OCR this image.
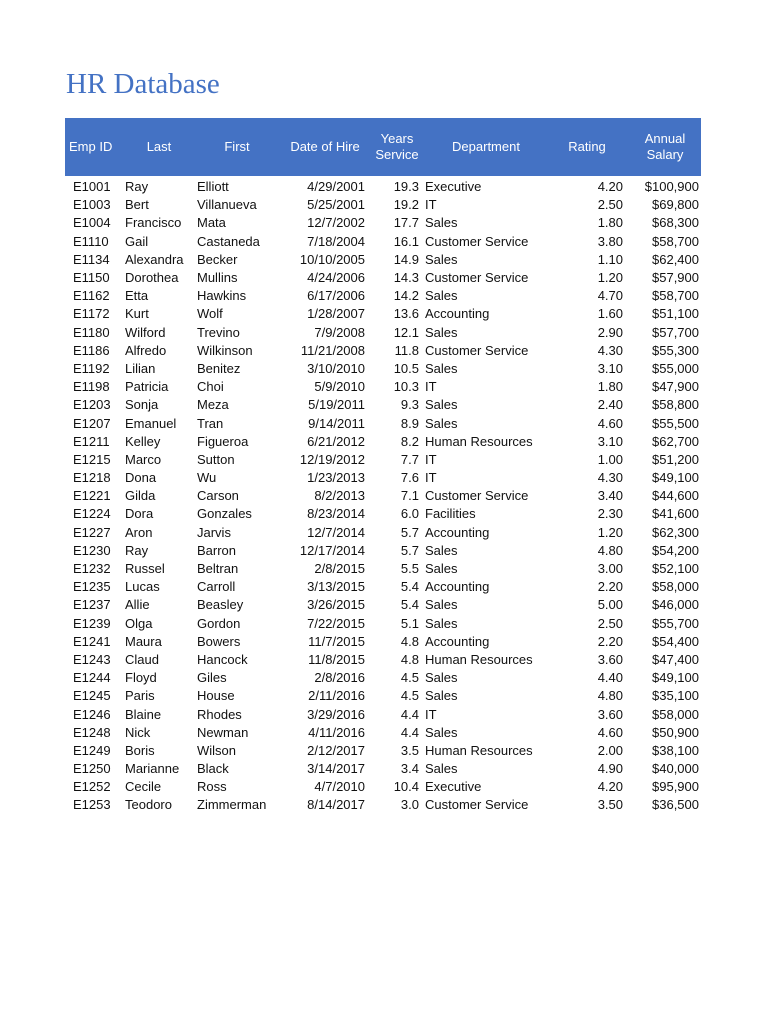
HR Database
Emp ID	Last	First	Date of Hire	Years Service	Department	Rating	Annual Salary
E1001	Ray	Elliott	4/29/2001	19.3	Executive	4.20	$100,900
E1003	Bert	Villanueva	5/25/2001	19.2	IT	2.50	$69,800
E1004	Francisco	Mata	12/7/2002	17.7	Sales	1.80	$68,300
E1110	Gail	Castaneda	7/18/2004	16.1	Customer Service	3.80	$58,700
E1134	Alexandra	Becker	10/10/2005	14.9	Sales	1.10	$62,400
E1150	Dorothea	Mullins	4/24/2006	14.3	Customer Service	1.20	$57,900
E1162	Etta	Hawkins	6/17/2006	14.2	Sales	4.70	$58,700
E1172	Kurt	Wolf	1/28/2007	13.6	Accounting	1.60	$51,100
E1180	Wilford	Trevino	7/9/2008	12.1	Sales	2.90	$57,700
E1186	Alfredo	Wilkinson	11/21/2008	11.8	Customer Service	4.30	$55,300
E1192	Lilian	Benitez	3/10/2010	10.5	Sales	3.10	$55,000
E1198	Patricia	Choi	5/9/2010	10.3	IT	1.80	$47,900
E1203	Sonja	Meza	5/19/2011	9.3	Sales	2.40	$58,800
E1207	Emanuel	Tran	9/14/2011	8.9	Sales	4.60	$55,500
E1211	Kelley	Figueroa	6/21/2012	8.2	Human Resources	3.10	$62,700
E1215	Marco	Sutton	12/19/2012	7.7	IT	1.00	$51,200
E1218	Dona	Wu	1/23/2013	7.6	IT	4.30	$49,100
E1221	Gilda	Carson	8/2/2013	7.1	Customer Service	3.40	$44,600
E1224	Dora	Gonzales	8/23/2014	6.0	Facilities	2.30	$41,600
E1227	Aron	Jarvis	12/7/2014	5.7	Accounting	1.20	$62,300
E1230	Ray	Barron	12/17/2014	5.7	Sales	4.80	$54,200
E1232	Russel	Beltran	2/8/2015	5.5	Sales	3.00	$52,100
E1235	Lucas	Carroll	3/13/2015	5.4	Accounting	2.20	$58,000
E1237	Allie	Beasley	3/26/2015	5.4	Sales	5.00	$46,000
E1239	Olga	Gordon	7/22/2015	5.1	Sales	2.50	$55,700
E1241	Maura	Bowers	11/7/2015	4.8	Accounting	2.20	$54,400
E1243	Claud	Hancock	11/8/2015	4.8	Human Resources	3.60	$47,400
E1244	Floyd	Giles	2/8/2016	4.5	Sales	4.40	$49,100
E1245	Paris	House	2/11/2016	4.5	Sales	4.80	$35,100
E1246	Blaine	Rhodes	3/29/2016	4.4	IT	3.60	$58,000
E1248	Nick	Newman	4/11/2016	4.4	Sales	4.60	$50,900
E1249	Boris	Wilson	2/12/2017	3.5	Human Resources	2.00	$38,100
E1250	Marianne	Black	3/14/2017	3.4	Sales	4.90	$40,000
E1252	Cecile	Ross	4/7/2010	10.4	Executive	4.20	$95,900
E1253	Teodoro	Zimmerman	8/14/2017	3.0	Customer Service	3.50	$36,500
